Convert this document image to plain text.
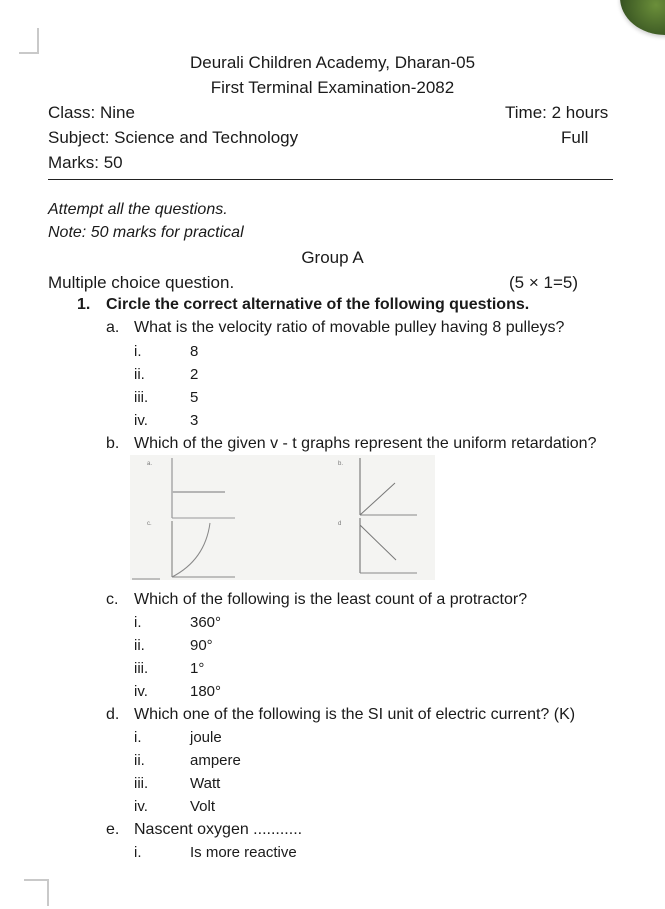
Deurali Children Academy, Dharan-05
First Terminal Examination-2082
Class: Nine	Time: 2 hours
Subject: Science and Technology	Full
Marks: 50
Attempt all the questions.
Note: 50 marks for practical
Group A
Multiple choice question.	(5 × 1=5)
1. Circle the correct alternative of the following questions.
a. What is the velocity ratio of movable pulley having 8 pulleys?
i.	8
ii.	2
iii.	5
iv.	3
b. Which of the given v - t graphs represent the uniform retardation?
a.	b.
c.	d
c. Which of the following is the least count of a protractor?
i.	360°
ii.	90°
iii.	1°
iv.	180°
d. Which one of the following is the SI unit of electric current? (K)
i.	joule
ii.	ampere
iii.	Watt
iv.	Volt
e. Nascent oxygen ...........
i.	Is more reactive
